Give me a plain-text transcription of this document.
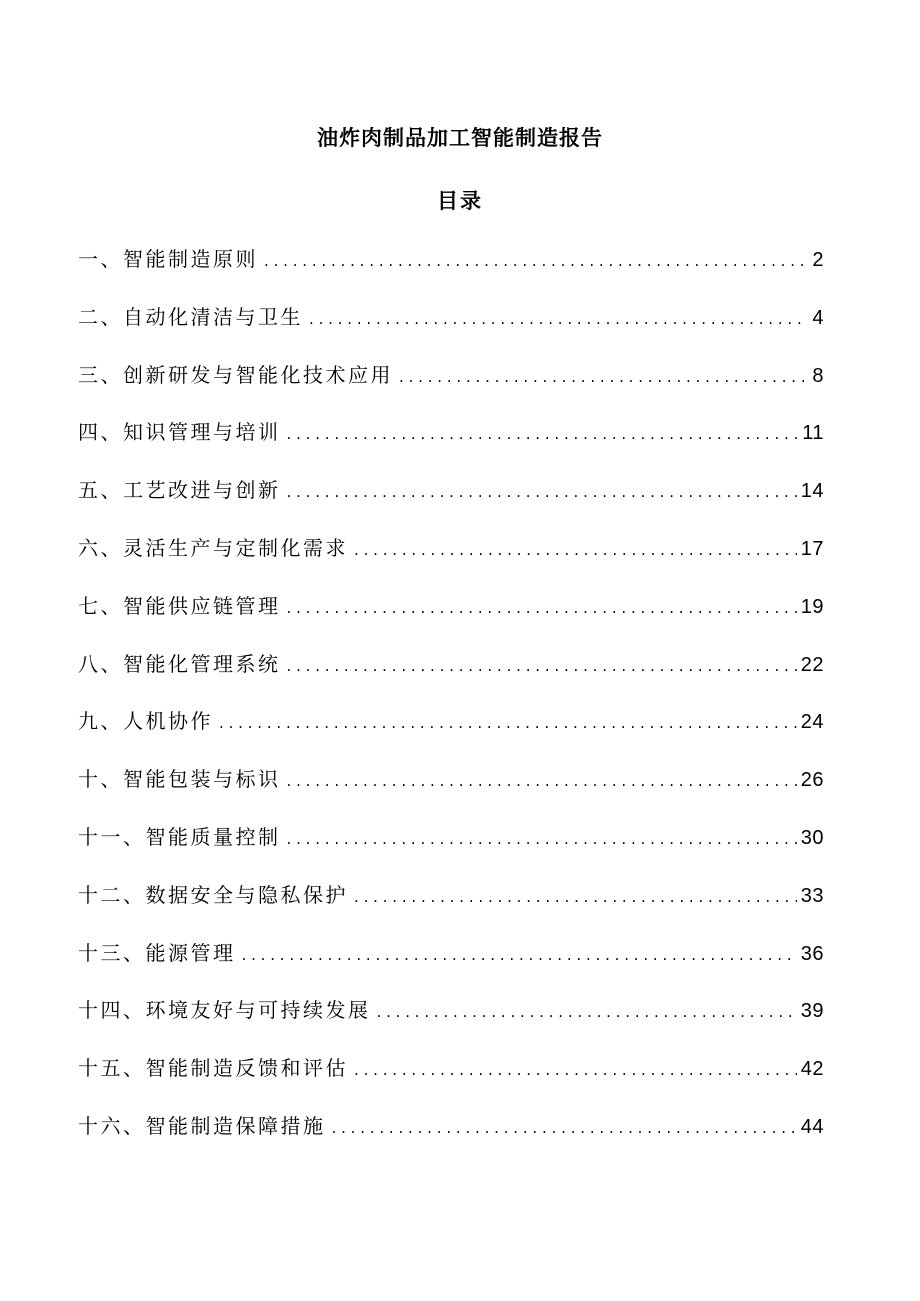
油炸肉制品加工智能制造报告
目录
一、智能制造原则 .....	2
二、自动化清洁与卫生 .....	4
三、创新研发与智能化技术应用 .....	8
四、知识管理与培训 .....	11
五、工艺改进与创新 .....	14
六、灵活生产与定制化需求 .....	17
七、智能供应链管理 .....	19
八、智能化管理系统 .....	22
九、人机协作 .....	24
十、智能包装与标识 .....	26
十一、智能质量控制 .....	30
十二、数据安全与隐私保护 .....	33
十三、能源管理 .....	36
十四、环境友好与可持续发展 .....	39
十五、智能制造反馈和评估 .....	42
十六、智能制造保障措施 .....	44
